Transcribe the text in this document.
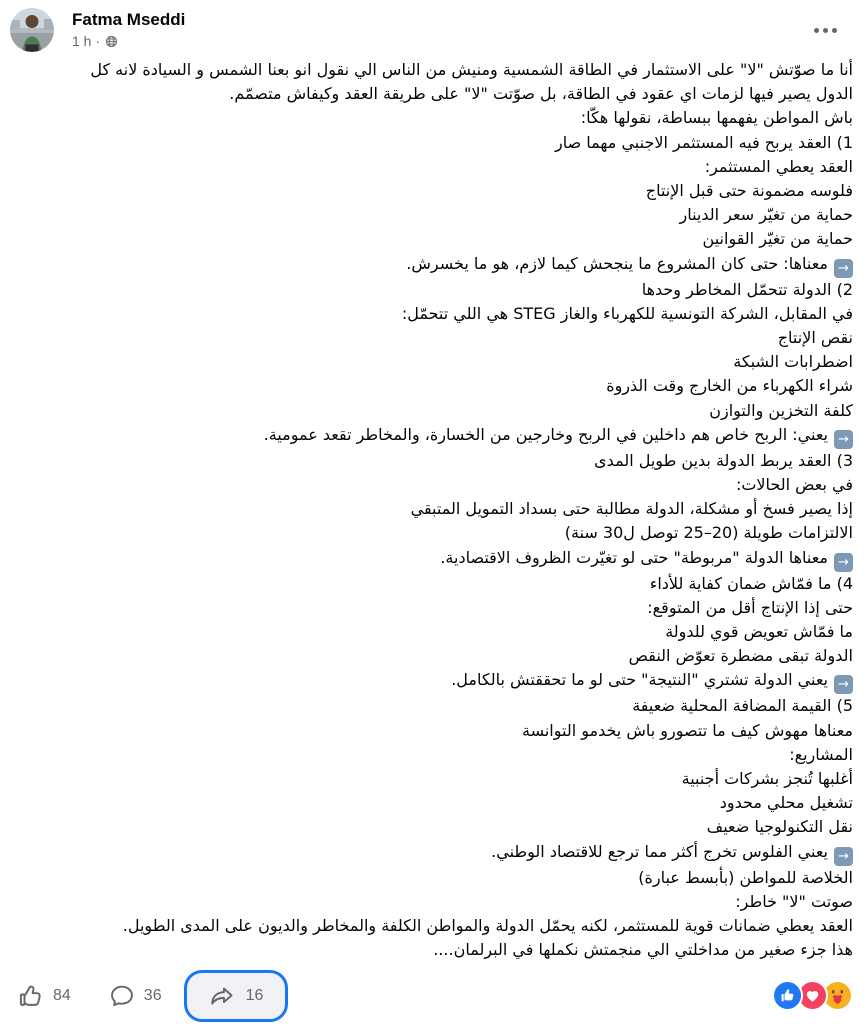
Fatma Mseddi
1 h ·
أنا ما صوّتش "لا" على الاستثمار في الطاقة الشمسية ومنيش من الناس الي نقول انو بعنا الشمس و السيادة لانه كل
الدول يصير فيها لزمات اي عقود في الطاقة، بل صوّتت "لا" على طريقة العقد وكيفاش متصمّم.
باش المواطن يفهمها ببساطة، نقولها هكّا:
1) العقد يربح فيه المستثمر الاجنبي مهما صار
العقد يعطي المستثمر:
فلوسه مضمونة حتى قبل الإنتاج
حماية من تغيّر سعر الدينار
حماية من تغيّر القوانين
→معناها: حتى كان المشروع ما ينجحش كيما لازم، هو ما يخسرش.
2) الدولة تتحمّل المخاطر وحدها
في المقابل، الشركة التونسية للكهرباء والغاز STEG هي اللي تتحمّل:
نقص الإنتاج
اضطرابات الشبكة
شراء الكهرباء من الخارج وقت الذروة
كلفة التخزين والتوازن
→يعني: الربح خاص هم داخلين في الربح وخارجين من الخسارة، والمخاطر تقعد عمومية.
3) العقد يربط الدولة بدين طويل المدى
في بعض الحالات:
إذا يصير فسخ أو مشكلة، الدولة مطالبة حتى بسداد التمويل المتبقي
الالتزامات طويلة (20–25 توصل ل30 سنة)
→معناها الدولة "مربوطة" حتى لو تغيّرت الظروف الاقتصادية.
4) ما فمّاش ضمان كفاية للأداء
حتى إذا الإنتاج أقل من المتوقع:
ما فمّاش تعويض قوي للدولة
الدولة تبقى مضطرة تعوّض النقص
→يعني الدولة تشتري "النتيجة" حتى لو ما تحققتش بالكامل.
5) القيمة المضافة المحلية ضعيفة
معناها مهوش كيف ما تتصورو باش يخدمو التوانسة
المشاريع:
أغلبها تُنجز بشركات أجنبية
تشغيل محلي محدود
نقل التكنولوجيا ضعيف
→يعني الفلوس تخرج أكثر مما ترجع للاقتصاد الوطني.
الخلاصة للمواطن (بأبسط عبارة)
صوتت "لا" خاطر:
العقد يعطي ضمانات قوية للمستثمر، لكنه يحمّل الدولة والمواطن الكلفة والمخاطر والديون على المدى الطويل.
هذا جزء صغير من مداخلتي الي منجمتش نكملها في البرلمان....
84	36	16
